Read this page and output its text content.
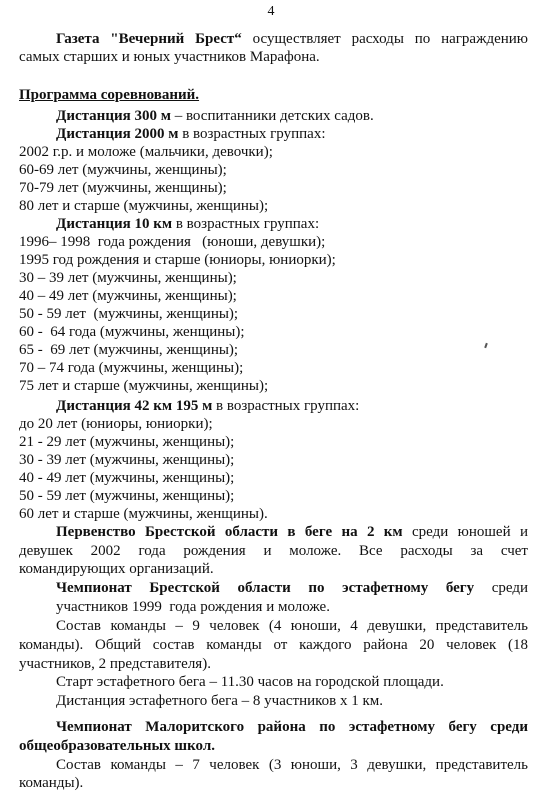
4
Газета "Вечерний Брест“ осуществляет расходы по награждению
самых старших и юных участников Марафона.
Программа соревнований.
Дистанция 300 м – воспитанники детских садов.
Дистанция 2000 м в возрастных группах:
2002 г.р. и моложе (мальчики, девочки);
60-69 лет (мужчины, женщины);
70-79 лет (мужчины, женщины);
80 лет и старше (мужчины, женщины);
Дистанция 10 км в возрастных группах:
1996– 1998  года рождения   (юноши, девушки);
1995 год рождения и старше (юниоры, юниорки);
30 – 39 лет (мужчины, женщины);
40 – 49 лет (мужчины, женщины);
50 - 59 лет  (мужчины, женщины);
60 -  64 года (мужчины, женщины);
65 -  69 лет (мужчины, женщины);
70 – 74 года (мужчины, женщины);
75 лет и старше (мужчины, женщины);
Дистанция 42 км 195 м в возрастных группах:
до 20 лет (юниоры, юниорки);
21 - 29 лет (мужчины, женщины);
30 - 39 лет (мужчины, женщины);
40 - 49 лет (мужчины, женщины);
50 - 59 лет (мужчины, женщины);
60 лет и старше (мужчины, женщины).
Первенство Брестской области в беге на 2 км среди юношей и
девушек 2002 года рождения и моложе. Все расходы за счет
командирующих организаций.
Чемпионат Брестской области по эстафетному бегу среди
участников 1999  года рождения и моложе.
Состав команды – 9 человек (4 юноши, 4 девушки, представитель
команды). Общий состав команды от каждого района 20 человек (18
участников, 2 представителя).
Старт эстафетного бега – 11.30 часов на городской площади.
Дистанция эстафетного бега – 8 участников х 1 км.
Чемпионат Малоритского района по эстафетному бегу среди
общеобразовательных школ.
Состав команды – 7 человек (3 юноши, 3 девушки, представитель
команды).
